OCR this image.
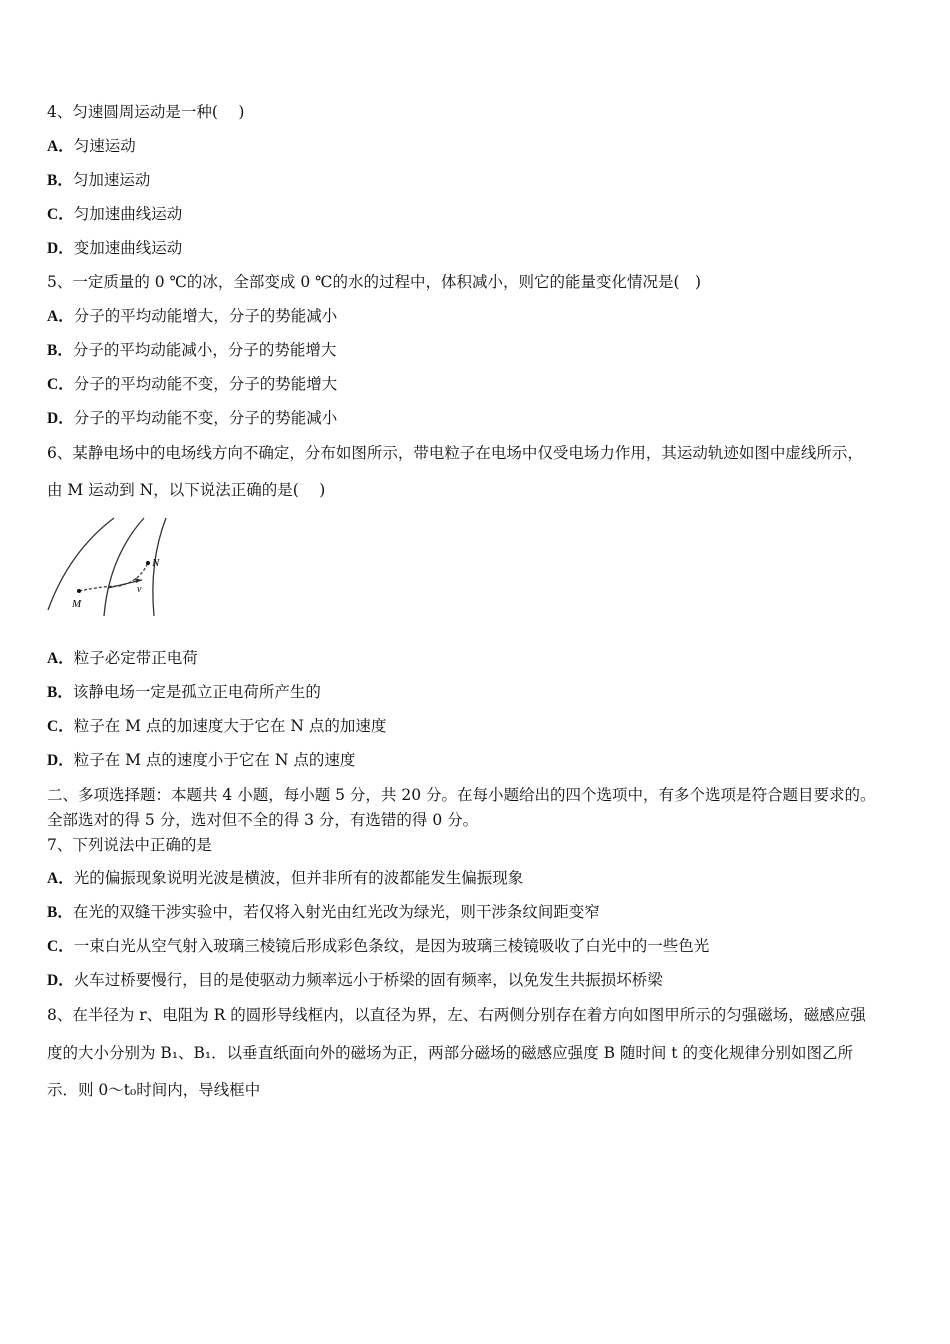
4、匀速圆周运动是一种(　 )
A．匀速运动
B．匀加速运动
C．匀加速曲线运动
D．变加速曲线运动
5、一定质量的 0 ℃的冰，全部变成 0 ℃的水的过程中，体积减小，则它的能量变化情况是(　)
A．分子的平均动能增大，分子的势能减小
B．分子的平均动能减小，分子的势能增大
C．分子的平均动能不变，分子的势能增大
D．分子的平均动能不变，分子的势能减小
6、某静电场中的电场线方向不确定，分布如图所示，带电粒子在电场中仅受电场力作用，其运动轨迹如图中虚线所示，
由 M 运动到 N，以下说法正确的是(　 )
M
N
v
A．粒子必定带正电荷
B．该静电场一定是孤立正电荷所产生的
C．粒子在 M 点的加速度大于它在 N 点的加速度
D．粒子在 M 点的速度小于它在 N 点的速度
二、多项选择题：本题共 4 小题，每小题 5 分，共 20 分。在每小题给出的四个选项中，有多个选项是符合题目要求的。
全部选对的得 5 分，选对但不全的得 3 分，有选错的得 0 分。
7、下列说法中正确的是
A．光的偏振现象说明光波是横波，但并非所有的波都能发生偏振现象
B．在光的双缝干涉实验中，若仅将入射光由红光改为绿光，则干涉条纹间距变窄
C．一束白光从空气射入玻璃三棱镜后形成彩色条纹，是因为玻璃三棱镜吸收了白光中的一些色光
D．火车过桥要慢行，目的是使驱动力频率远小于桥梁的固有频率，以免发生共振损坏桥梁
8、在半径为 r、电阻为 R 的圆形导线框内，以直径为界，左、右两侧分别存在着方向如图甲所示的匀强磁场，磁感应强
度的大小分别为 B₁、B₁．以垂直纸面向外的磁场为正，两部分磁场的磁感应强度 B 随时间 t 的变化规律分别如图乙所
示．则 0～t₀时间内，导线框中
